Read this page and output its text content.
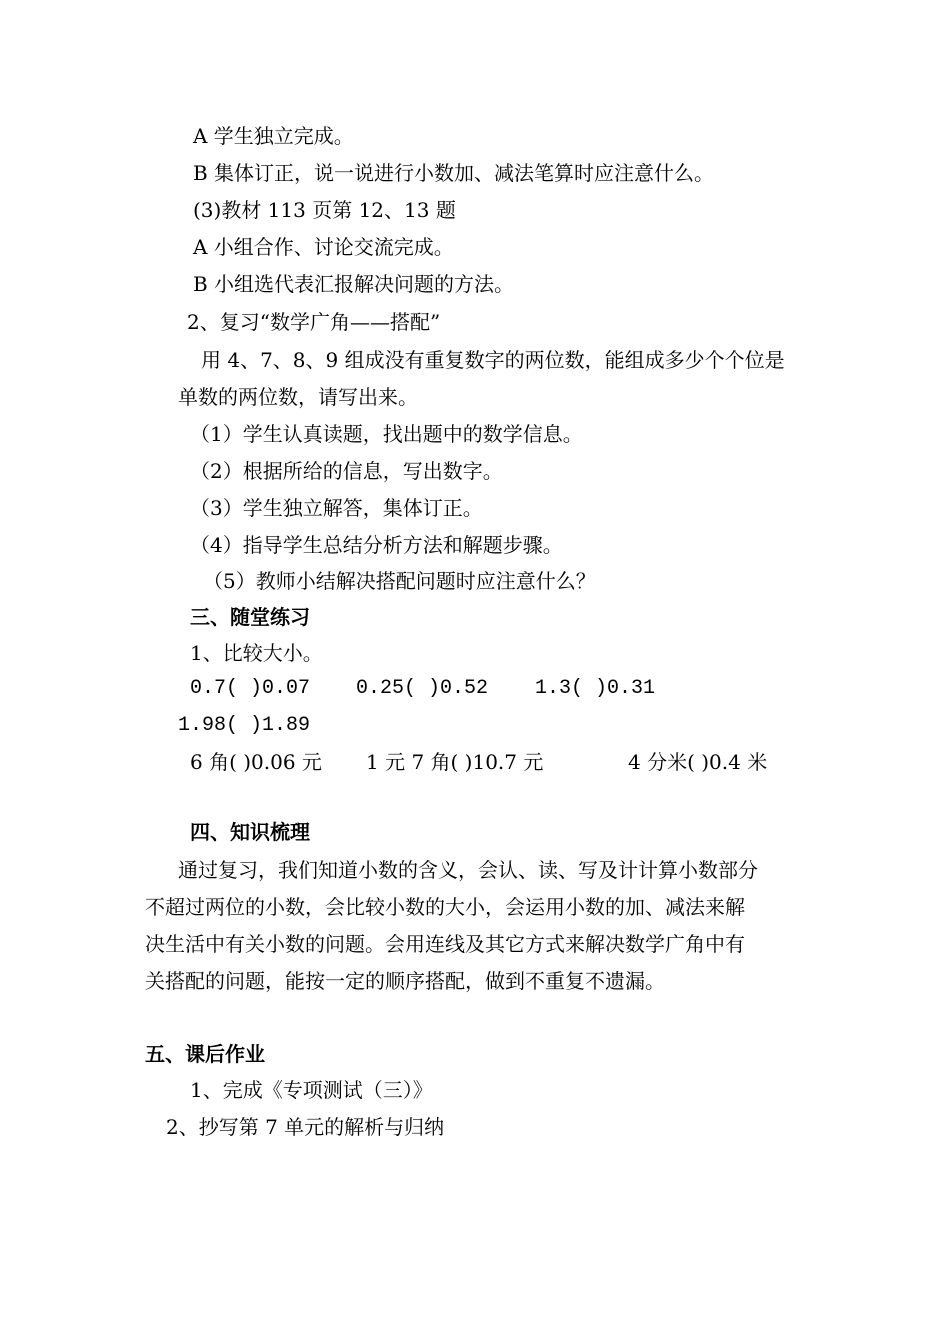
A 学生独立完成。
B 集体订正，说一说进行小数加、减法笔算时应注意什么。
(3)教材 113 页第 12、13 题
A 小组合作、讨论交流完成。
B 小组选代表汇报解决问题的方法。
2、复习“数学广角——搭配”
用 4、7、8、9 组成没有重复数字的两位数，能组成多少个个位是
单数的两位数，请写出来。
（1）学生认真读题，找出题中的数学信息。
（2）根据所给的信息，写出数字。
（3）学生独立解答，集体订正。
（4）指导学生总结分析方法和解题步骤。
（5）教师小结解决搭配问题时应注意什么？
三、随堂练习
1、比较大小。
0.7( )0.07 0.25( )0.52 1.3( )0.31
1.98( )1.89
6 角( )0.06 元 1 元 7 角( )10.7 元	4 分米( )0.4 米
四、知识梳理
通过复习，我们知道小数的含义，会认、读、写及计计算小数部分
不超过两位的小数，会比较小数的大小，会运用小数的加、减法来解
决生活中有关小数的问题。会用连线及其它方式来解决数学广角中有
关搭配的问题，能按一定的顺序搭配，做到不重复不遗漏。
五、课后作业
1、完成《专项测试（三）》
2、抄写第 7 单元的解析与归纳
